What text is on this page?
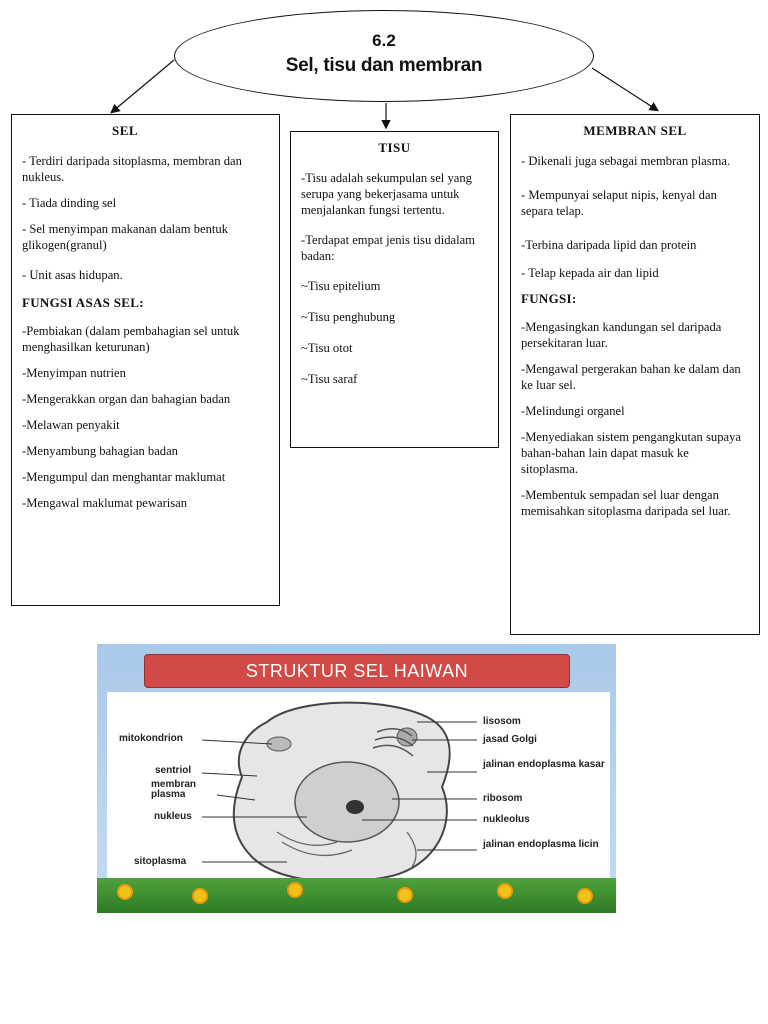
6.2
Sel, tisu dan membran
SEL

- Terdiri daripada sitoplasma, membran dan nukleus.

- Tiada dinding sel

- Sel menyimpan makanan dalam bentuk glikogen(granul)

- Unit asas hidupan.

FUNGSI ASAS SEL:

-Pembiakan (dalam pembahagian sel untuk menghasilkan keturunan)

-Menyimpan nutrien

-Mengerakkan organ dan bahagian badan

-Melawan penyakit

-Menyambung bahagian badan

-Mengumpul dan menghantar maklumat

-Mengawal maklumat pewarisan

TISU

-Tisu adalah sekumpulan sel yang serupa yang bekerjasama untuk menjalankan fungsi tertentu.

-Terdapat empat jenis tisu didalam badan:

~Tisu epitelium

~Tisu penghubung

~Tisu otot

~Tisu saraf

MEMBRAN SEL

- Dikenali juga sebagai membran plasma.

- Mempunyai selaput nipis, kenyal dan separa telap.

-Terbina daripada lipid dan protein

- Telap kepada air dan lipid

FUNGSI:

-Mengasingkan kandungan sel daripada persekitaran luar.

-Mengawal pergerakan bahan ke dalam dan ke luar sel.

-Melindungi organel

-Menyediakan sistem pengangkutan supaya bahan-bahan lain dapat masuk ke sitoplasma.

-Membentuk sempadan sel luar dengan memisahkan sitoplasma daripada sel luar.

STRUKTUR SEL HAIWAN
mitokondrion
sentriol
membran plasma
nukleus
sitoplasma
lisosom
jasad Golgi
jalinan endoplasma kasar
ribosom
nukleolus
jalinan endoplasma licin
